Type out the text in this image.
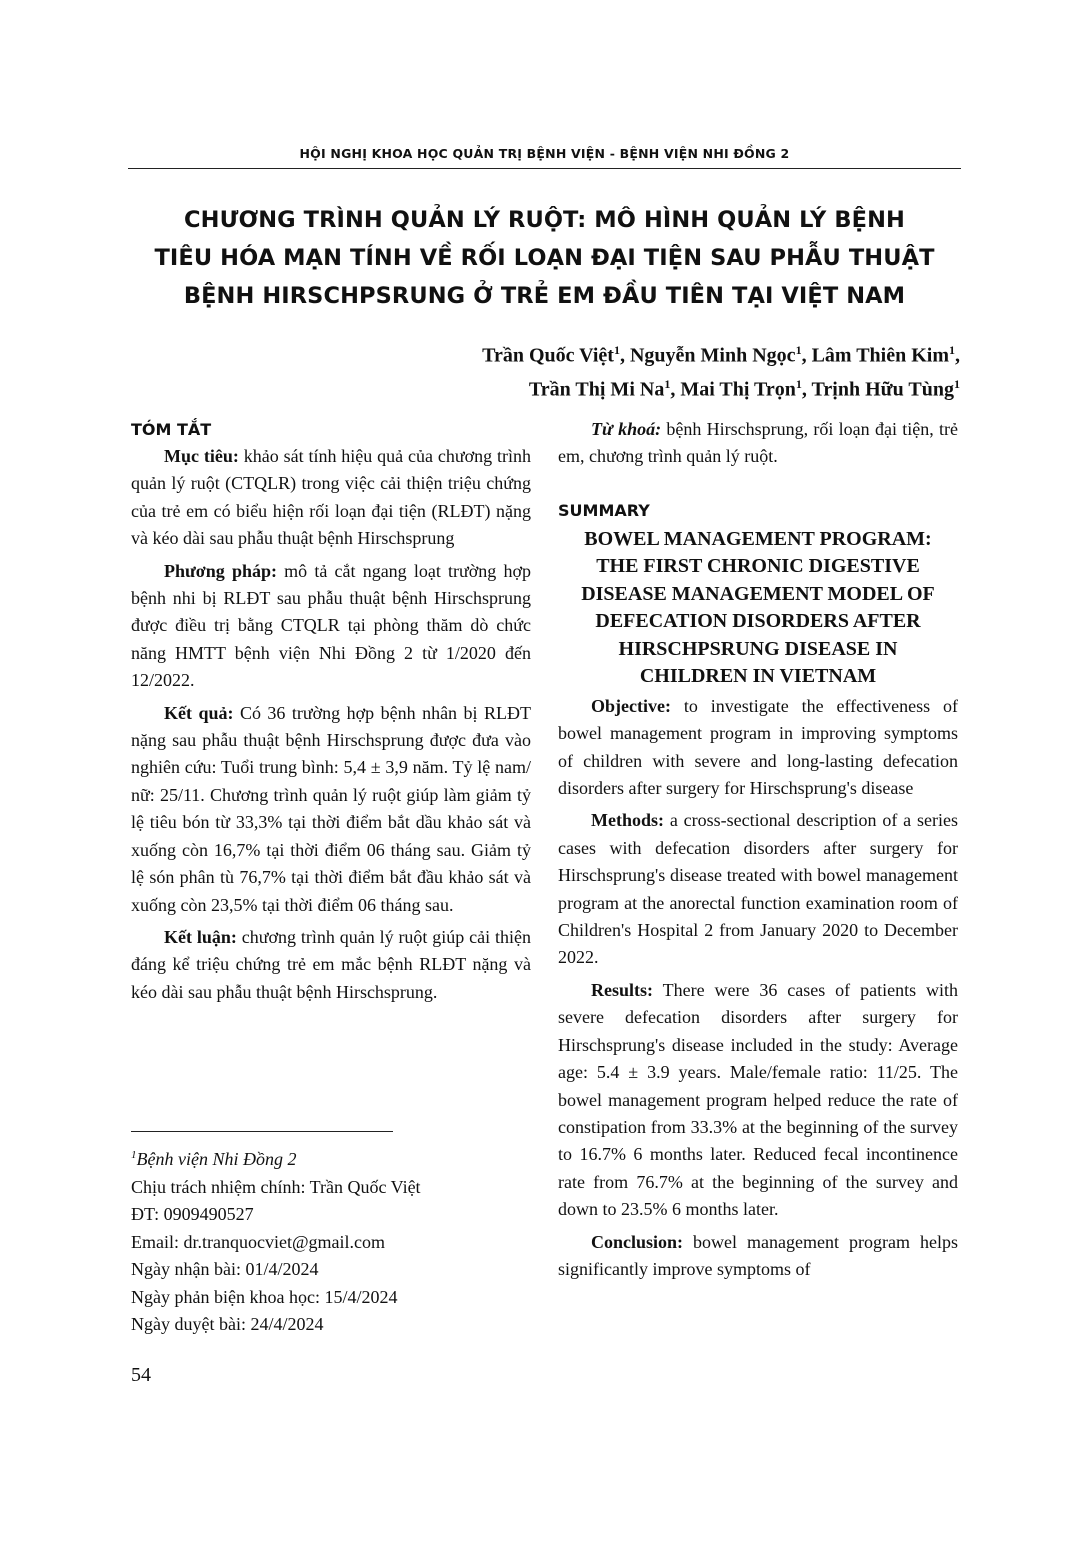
HỘI NGHỊ KHOA HỌC QUẢN TRỊ BỆNH VIỆN - BỆNH VIỆN NHI ĐỒNG 2
CHƯƠNG TRÌNH QUẢN LÝ RUỘT: MÔ HÌNH QUẢN LÝ BỆNH
TIÊU HÓA MẠN TÍNH VỀ RỐI LOẠN ĐẠI TIỆN SAU PHẪU THUẬT
BỆNH HIRSCHPSRUNG Ở TRẺ EM ĐẦU TIÊN TẠI VIỆT NAM
Trần Quốc Việt$^1$, Nguyễn Minh Ngọc$^1$, Lâm Thiên Kim$^1$,
Trần Thị Mi Na$^1$, Mai Thị Trọn$^1$, Trịnh Hữu Tùng$^1$
TÓM TẮT

Mục tiêu: khảo sát tính hiệu quả của chương trình quản lý ruột (CTQLR) trong việc cải thiện triệu chứng của trẻ em có biểu hiện rối loạn đại tiện (RLĐT) nặng và kéo dài sau phẫu thuật bệnh Hirschsprung

Phương pháp: mô tả cắt ngang loạt trường hợp bệnh nhi bị RLĐT sau phẫu thuật bệnh Hirschsprung được điều trị bằng CTQLR tại phòng thăm dò chức năng HMTT bệnh viện Nhi Đồng 2 từ 1/2020 đến 12/2022.

Kết quả: Có 36 trường hợp bệnh nhân bị RLĐT nặng sau phẫu thuật bệnh Hirschsprung được đưa vào nghiên cứu: Tuổi trung bình: 5,4 ± 3,9 năm. Tỷ lệ nam/ nữ: 25/11. Chương trình quản lý ruột giúp làm giảm tỷ lệ tiêu bón từ 33,3% tại thời điểm bắt dầu khảo sát và xuống còn 16,7% tại thời điểm 06 tháng sau. Giảm tỷ lệ són phân tù 76,7% tại thời điểm bắt đầu khảo sát và xuống còn 23,5% tại thời điểm 06 tháng sau.

Kết luận: chương trình quản lý ruột giúp cải thiện đáng kể triệu chứng trẻ em mắc bệnh RLĐT nặng và kéo dài sau phẫu thuật bệnh Hirschsprung.

Từ khoá: bệnh Hirschsprung, rối loạn đại tiện, trẻ em, chương trình quản lý ruột.

SUMMARY
BOWEL MANAGEMENT PROGRAM:
THE FIRST CHRONIC DIGESTIVE
DISEASE MANAGEMENT MODEL OF
DEFECATION DISORDERS AFTER
HIRSCHPSRUNG DISEASE IN
CHILDREN IN VIETNAM

Objective: to investigate the effectiveness of bowel management program in improving symptoms of children with severe and long-lasting defecation disorders after surgery for Hirschsprung's disease

Methods: a cross-sectional description of a series cases with defecation disorders after surgery for Hirschsprung's disease treated with bowel management program at the anorectal function examination room of Children's Hospital 2 from January 2020 to December 2022.

Results: There were 36 cases of patients with severe defecation disorders after surgery for Hirschsprung's disease included in the study: Average age: 5.4 ± 3.9 years. Male/female ratio: 11/25. The bowel management program helped reduce the rate of constipation from 33.3% at the beginning of the survey to 16.7% 6 months later. Reduced fecal incontinence rate from 76.7% at the beginning of the survey and down to 23.5% 6 months later.

Conclusion: bowel management program helps significantly improve symptoms of

$^1$Bệnh viện Nhi Đồng 2
Chịu trách nhiệm chính: Trần Quốc Việt
ĐT: 0909490527
Email: dr.tranquocviet@gmail.com
Ngày nhận bài: 01/4/2024
Ngày phản biện khoa học: 15/4/2024
Ngày duyệt bài: 24/4/2024
54
